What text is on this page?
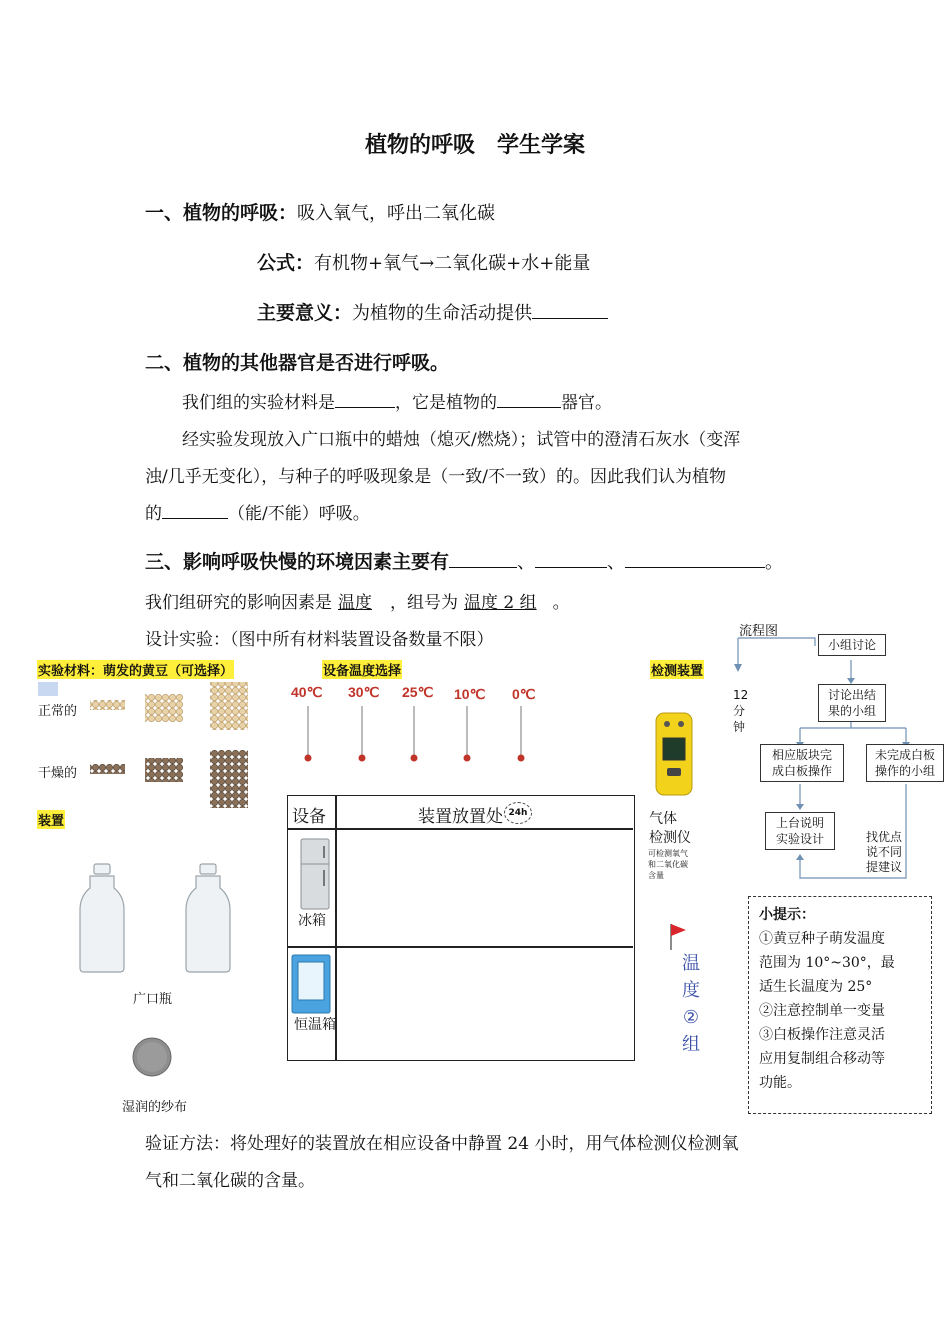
植物的呼吸　学生学案
一、植物的呼吸：吸入氧气，呼出二氧化碳
公式：有机物+氧气→二氧化碳+水+能量
主要意义：为植物的生命活动提供
二、植物的其他器官是否进行呼吸。
我们组的实验材料是	，它是植物的	器官。
经实验发现放入广口瓶中的蜡烛（熄灭/燃烧）；试管中的澄清石灰水（变浑
浊/几乎无变化），与种子的呼吸现象是（一致/不一致）的。因此我们认为植物
的	（能/不能）呼吸。
三、影响呼吸快慢的环境因素主要有	、	、	。
我们组研究的影响因素是 温度 ，组号为 温度 2 组 。
设计实验：（图中所有材料装置设备数量不限）
实验材料：萌发的黄豆（可选择）
正常的
干燥的
装置
广口瓶
湿润的纱布
设备温度选择
40℃ 30℃ 25℃ 10℃ 0℃
设备	装置放置处 24h
冰箱
恒温箱
检测装置
气体
检测仪
可检测氧气
和二氧化碳
含量
温
度
②
组
流程图
12
分
钟
小组讨论
讨论出结
果的小组
相应版块完
成白板操作
未完成白板
操作的小组
上台说明
实验设计	找优点
说不同
提建议
小提示：
①黄豆种子萌发温度
范围为 10°~30°，最
适生长温度为 25°
②注意控制单一变量
③白板操作注意灵活
应用复制组合移动等
功能。
验证方法：将处理好的装置放在相应设备中静置 24 小时，用气体检测仪检测氧
气和二氧化碳的含量。
